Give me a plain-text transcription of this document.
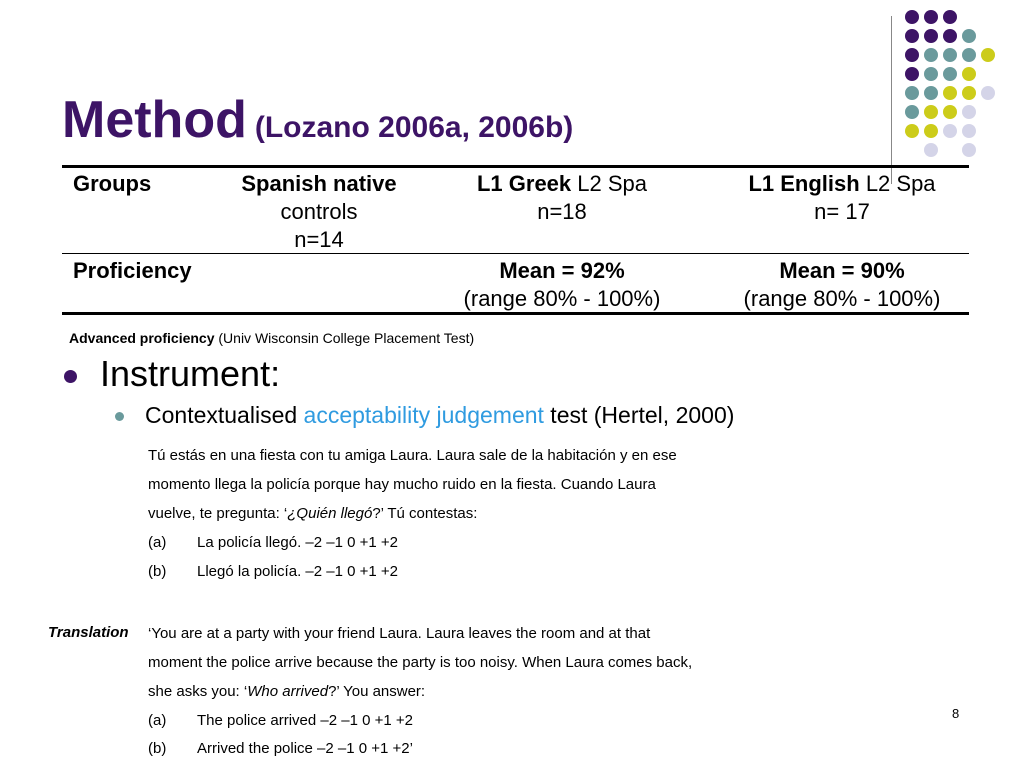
Method (Lozano 2006a, 2006b)
Groups	Spanish native
controls
n=14
L1 Greek L2 Spa
n=18
L1 English L2 Spa
n= 17
Proficiency	Mean = 92%
(range 80% - 100%)
Mean = 90%
(range 80% - 100%)
Advanced proficiency (Univ Wisconsin College Placement Test)
Instrument:
Contextualised acceptability judgement test (Hertel, 2000)
Tú estás en una fiesta con tu amiga Laura. Laura sale de la habitación y en ese
momento llega la policía porque hay mucho ruido en la fiesta. Cuando Laura
vuelve, te pregunta: ‘¿Quién llegó?’ Tú contestas:
(a) La policía llegó. –2 –1 0 +1 +2
(b) Llegó la policía. –2 –1 0 +1 +2
Translation ‘You are at a party with your friend Laura. Laura leaves the room and at that
moment the police arrive because the party is too noisy. When Laura comes back,
she asks you: ‘Who arrived?’ You answer:
(a) The police arrived –2 –1 0 +1 +2
(b) Arrived the police –2 –1 0 +1 +2’
8
